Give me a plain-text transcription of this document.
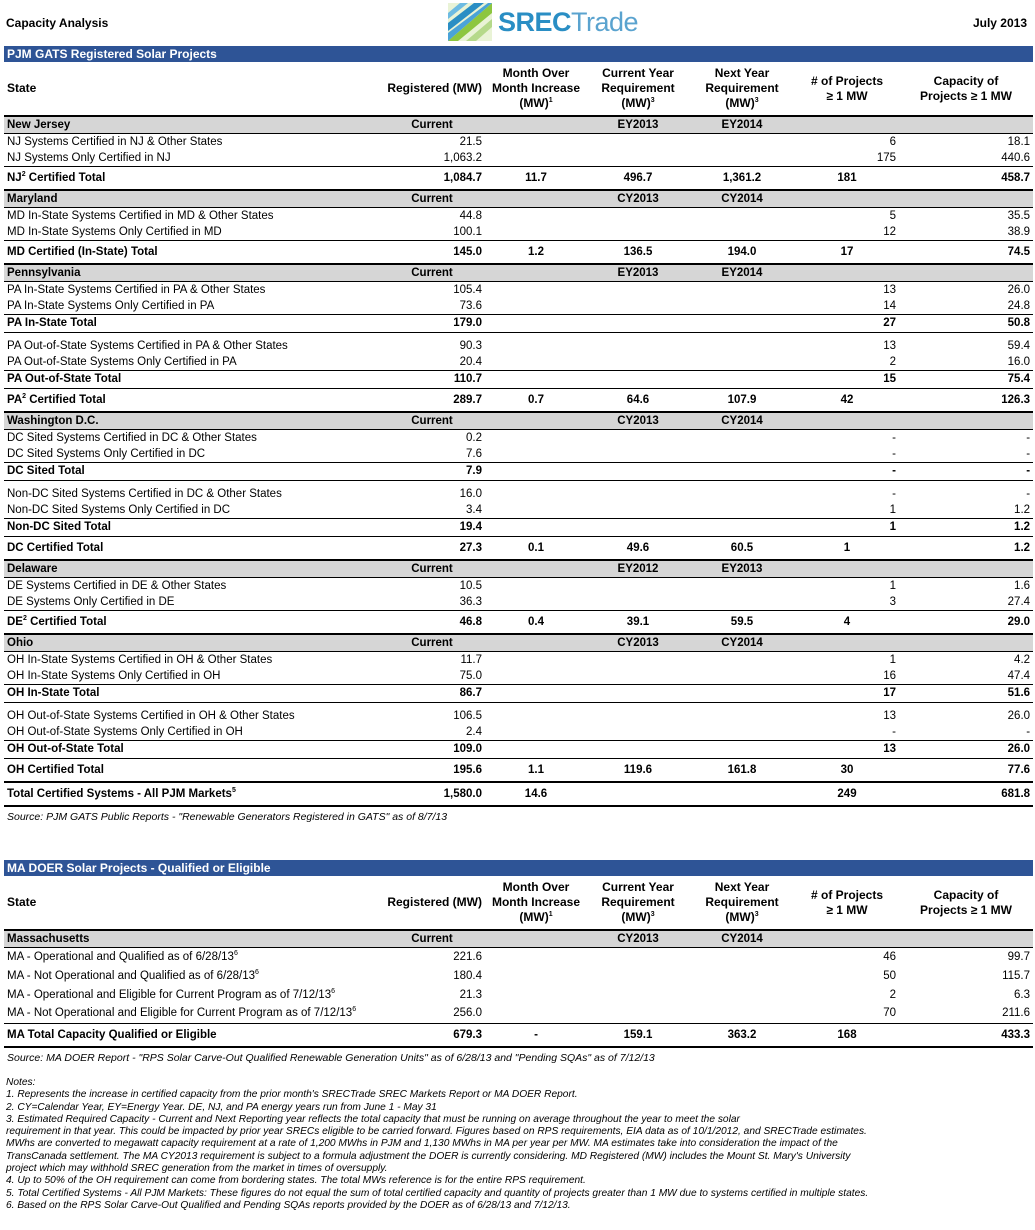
Capacity Analysis	SRECTrade	July 2013
PJM GATS Registered Solar Projects						
State	Registered (MW)	Month Over
Month Increase
(MW)$^1$	Current Year
Requirement
(MW)$^3$	Next Year
Requirement
(MW)$^3$	# of Projects
≥ 1 MW	Capacity of
Projects ≥ 1 MW
New Jersey	Current		EY2013	EY2014		
NJ Systems Certified in NJ & Other States	21.5				6	18.1
NJ Systems Only Certified in NJ	1,063.2				175	440.6
$NJ^2$ Certified Total	1,084.7	11.7	496.7	1,361.2	181	458.7
Maryland	Current		CY2013	CY2014		
MD In-State Systems Certified in MD & Other States	44.8				5	35.5
MD In-State Systems Only Certified in MD	100.1				12	38.9
MD Certified (In-State) Total	145.0	1.2	136.5	194.0	17	74.5
Pennsylvania	Current		EY2013	EY2014		
PA In-State Systems Certified in PA & Other States	105.4				13	26.0
PA In-State Systems Only Certified in PA	73.6				14	24.8
PA In-State Total	179.0				27	50.8

PA Out-of-State Systems Certified in PA & Other States	90.3				13	59.4
PA Out-of-State Systems Only Certified in PA	20.4				2	16.0
PA Out-of-State Total	110.7				15	75.4
$PA^2$ Certified Total	289.7	0.7	64.6	107.9	42	126.3
Washington D.C.	Current		CY2013	CY2014		
DC Sited Systems Certified in DC & Other States	0.2				-	-
DC Sited Systems Only Certified in DC	7.6				-	-
DC Sited Total	7.9				-	-

Non-DC Sited Systems Certified in DC & Other States	16.0				-	-
Non-DC Sited Systems Only Certified in DC	3.4				1	1.2
Non-DC Sited Total	19.4				1	1.2
DC Certified Total	27.3	0.1	49.6	60.5	1	1.2
Delaware	Current		EY2012	EY2013		
DE Systems Certified in DE & Other States	10.5				1	1.6
DE Systems Only Certified in DE	36.3				3	27.4
$DE^2$ Certified Total	46.8	0.4	39.1	59.5	4	29.0
Ohio	Current		CY2013	CY2014		
OH In-State Systems Certified in OH & Other States	11.7				1	4.2
OH In-State Systems Only Certified in OH	75.0				16	47.4
OH In-State Total	86.7				17	51.6

OH Out-of-State Systems Certified in OH & Other States	106.5				13	26.0
OH Out-of-State Systems Only Certified in OH	2.4				-	-
OH Out-of-State Total	109.0				13	26.0
OH Certified Total	195.6	1.1	119.6	161.8	30	77.6
Total Certified Systems - All PJM Markets$^5$	1,580.0	14.6			249	681.8
Source: PJM GATS Public Reports - "Renewable Generators Registered in GATS" as of 8/7/13						
MA DOER Solar Projects - Qualified or Eligible						
State	Registered (MW)	Month Over
Month Increase
(MW)$^1$	Current Year
Requirement
(MW)$^3$	Next Year
Requirement
(MW)$^3$	# of Projects
≥ 1 MW	Capacity of
Projects ≥ 1 MW
Massachusetts	Current		CY2013	CY2014		
MA - Operational and Qualified as of $6/28/13^6$	221.6				46	99.7
MA - Not Operational and Qualified as of $6/28/13^6$	180.4				50	115.7
MA - Operational and Eligible for Current Program as of $7/12/13^6$	21.3				2	6.3
MA - Not Operational and Eligible for Current Program as of $7/12/13^6$	256.0				70	211.6
MA Total Capacity Qualified or Eligible	679.3	-	159.1	363.2	168	433.3
Source: MA DOER Report - "RPS Solar Carve-Out Qualified Renewable Generation Units" as of 6/28/13 and "Pending SQAs" as of 7/12/13						
Notes:
1. Represents the increase in certified capacity from the prior month's SRECTrade SREC Markets Report or MA DOER Report.
2. CY=Calendar Year, EY=Energy Year. DE, NJ, and PA energy years run from June 1 - May 31
3. Estimated Required Capacity - Current and Next Reporting year reflects the total capacity that must be running on average throughout the year to meet the solar
requirement in that year. This could be impacted by prior year SRECs eligible to be carried forward. Figures based on RPS requirements, EIA data as of 10/1/2012, and SRECTrade estimates.
MWhs are converted to megawatt capacity requirement at a rate of 1,200 MWhs in PJM and 1,130 MWhs in MA per year per MW. MA estimates take into consideration the impact of the
TransCanada settlement. The MA CY2013 requirement is subject to a formula adjustment the DOER is currently considering. MD Registered (MW) includes the Mount St. Mary's University
project which may withhold SREC generation from the market in times of oversupply.
4. Up to 50% of the OH requirement can come from bordering states. The total MWs reference is for the entire RPS requirement.
5. Total Certified Systems - All PJM Markets: These figures do not equal the sum of total certified capacity and quantity of projects greater than 1 MW due to systems certified in multiple states.
6. Based on the RPS Solar Carve-Out Qualified and Pending SQAs reports provided by the DOER as of 6/28/13 and 7/12/13.
